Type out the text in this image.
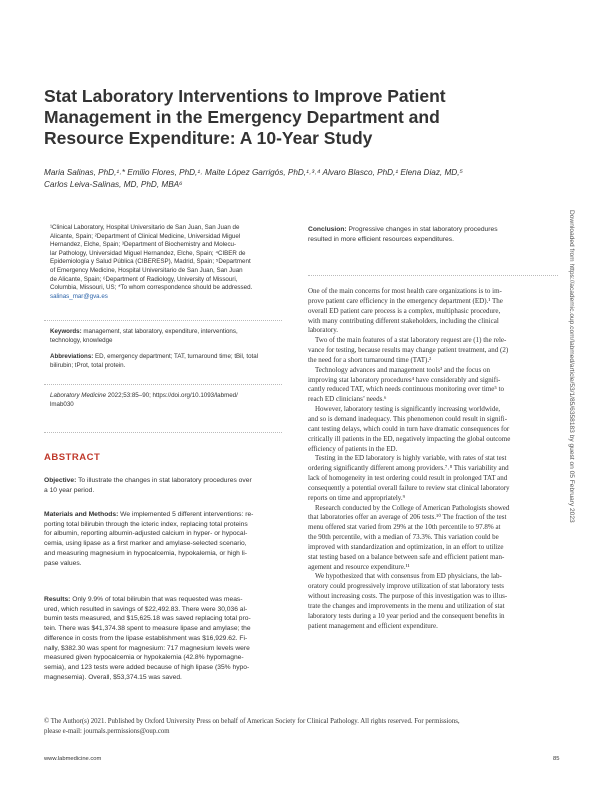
Stat Laboratory Interventions to Improve Patient
Management in the Emergency Department and
Resource Expenditure: A 10-Year Study
Maria Salinas, PhD,¹˒* Emilio Flores, PhD,¹˒ Maite López Garrigós, PhD,¹˒³˒⁴ Alvaro Blasco, PhD,¹ Elena Diaz, MD,⁵
Carlos Leiva-Salinas, MD, PhD, MBA⁶
¹Clinical Laboratory, Hospital Universitario de San Juan, San Juan de
Alicante, Spain; ²Department of Clinical Medicine, Universidad Miguel
Hernandez, Elche, Spain; ³Department of Biochemistry and Molecu-
lar Pathology, Universidad Miguel Hernandez, Elche, Spain; ⁴CIBER de
Epidemiología y Salud Pública (CIBERESP), Madrid, Spain; ⁵Department
of Emergency Medicine, Hospital Universitario de San Juan, San Juan
de Alicante, Spain; ⁶Department of Radiology, University of Missouri,
Columbia, Missouri, US; *To whom correspondence should be addressed.
salinas_mar@gva.es
Keywords: management, stat laboratory, expenditure, interventions,
technology, knowledge
Abbreviations: ED, emergency department; TAT, turnaround time; tBil, total
bilirubin; tProt, total protein.
Laboratory Medicine 2022;53:85–90; https://doi.org/10.1093/labmed/
lmab030
ABSTRACT
Objective: To illustrate the changes in stat laboratory procedures over
a 10 year period.
Materials and Methods: We implemented 5 different interventions: re-
porting total bilirubin through the icteric index, replacing total proteins
for albumin, reporting albumin-adjusted calcium in hyper- or hypocal-
cemia, using lipase as a first marker and amylase-selected scenario,
and measuring magnesium in hypocalcemia, hypokalemia, or high li-
pase values.
Results: Only 9.9% of total bilirubin that was requested was meas-
ured, which resulted in savings of $22,492.83. There were 30,036 al-
bumin tests measured, and $15,625.18 was saved replacing total pro-
tein. There was $41,374.38 spent to measure lipase and amylase; the
difference in costs from the lipase establishment was $16,929.62. Fi-
nally, $382.30 was spent for magnesium: 717 magnesium levels were
measured given hypocalcemia or hypokalemia (42.8% hypomagne-
semia), and 123 tests were added because of high lipase (35% hypo-
magnesemia). Overall, $53,374.15 was saved.
Conclusion: Progressive changes in stat laboratory procedures
resulted in more efficient resources expenditures.
One of the main concerns for most health care organizations is to im-
prove patient care efficiency in the emergency department (ED).¹ The
overall ED patient care process is a complex, multiphasic procedure,
with many contributing different stakeholders, including the clinical
laboratory.
 Two of the main features of a stat laboratory request are (1) the rele-
vance for testing, because results may change patient treatment, and (2)
the need for a short turnaround time (TAT).²
 Technology advances and management tools³ and the focus on
improving stat laboratory procedures⁴ have considerably and signifi-
cantly reduced TAT, which needs continuous monitoring over time⁵ to
reach ED clinicians’ needs.⁶
 However, laboratory testing is significantly increasing worldwide,
and so is demand inadequacy. This phenomenon could result in signifi-
cant testing delays, which could in turn have dramatic consequences for
critically ill patients in the ED, negatively impacting the global outcome
efficiency of patients in the ED.
 Testing in the ED laboratory is highly variable, with rates of stat test
ordering significantly different among providers.⁷˒⁸ This variability and
lack of homogeneity in test ordering could result in prolonged TAT and
consequently a potential overall failure to review stat clinical laboratory
reports on time and appropriately.⁹
 Research conducted by the College of American Pathologists showed
that laboratories offer an average of 206 tests.¹⁰ The fraction of the test
menu offered stat varied from 29% at the 10th percentile to 97.8% at
the 90th percentile, with a median of 73.3%. This variation could be
improved with standardization and optimization, in an effort to utilize
stat testing based on a balance between safe and efficient patient man-
agement and resource expenditure.¹¹
 We hypothesized that with consensus from ED physicians, the lab-
oratory could progressively improve utilization of stat laboratory tests
without increasing costs. The purpose of this investigation was to illus-
trate the changes and improvements in the menu and utilization of stat
laboratory tests during a 10 year period and the consequent benefits in
patient management and efficient expenditure.
© The Author(s) 2021. Published by Oxford University Press on behalf of American Society for Clinical Pathology. All rights reserved. For permissions,
please e-mail: journals.permissions@oup.com
www.labmedicine.com	85
Downloaded from https://academic.oup.com/labmed/article/53/1/85/6358183 by guest on 05 February 2023
